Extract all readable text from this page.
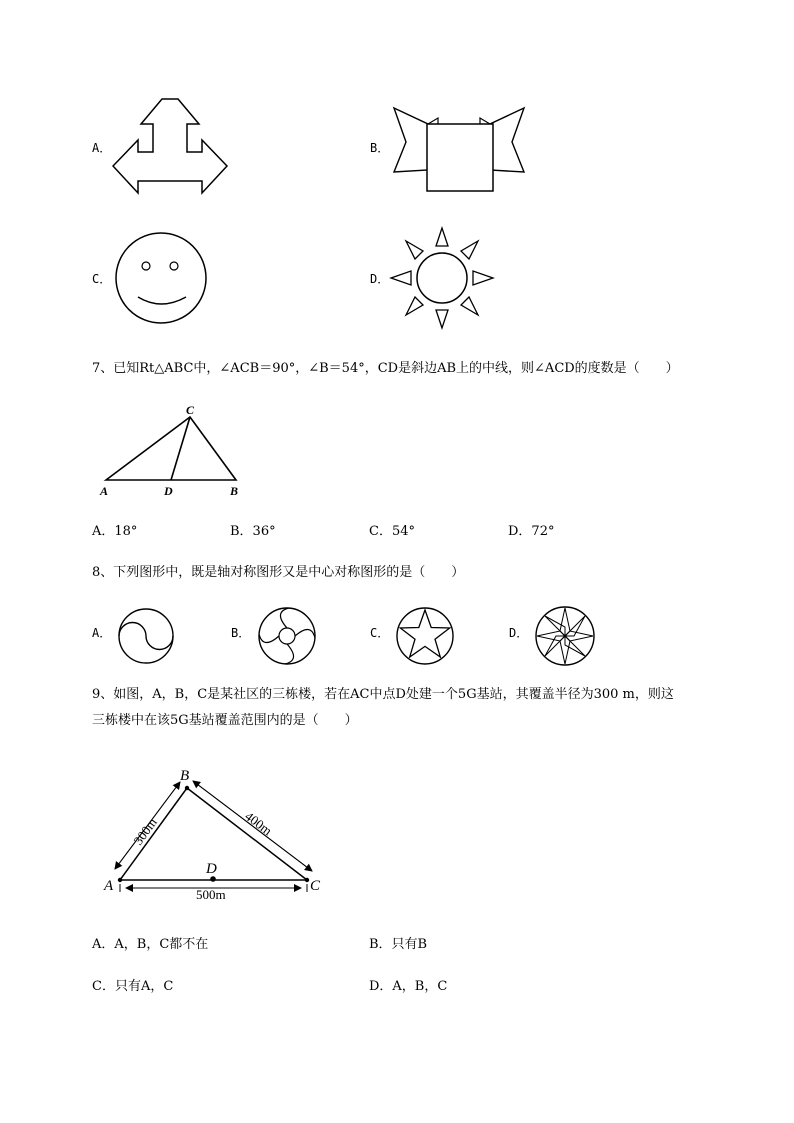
A．	B．
C．	D．
7、已知Rt△ABC中，∠ACB＝90°，∠B＝54°，CD是斜边AB上的中线，则∠ACD的度数是（　　）
C
A	D	B
A．18°	B．36°	C．54°	D．72°
8、下列图形中，既是轴对称图形又是中心对称图形的是（　　）
A．	B．	C．	D．
9、如图，A，B，C是某社区的三栋楼，若在AC中点D处建一个5G基站，其覆盖半径为300 m，则这
三栋楼中在该5G基站覆盖范围内的是（　　）
B
A	C
D
500m
300m	400m
A．A，B，C都不在	B．只有B
C．只有A，C	D．A，B，C
